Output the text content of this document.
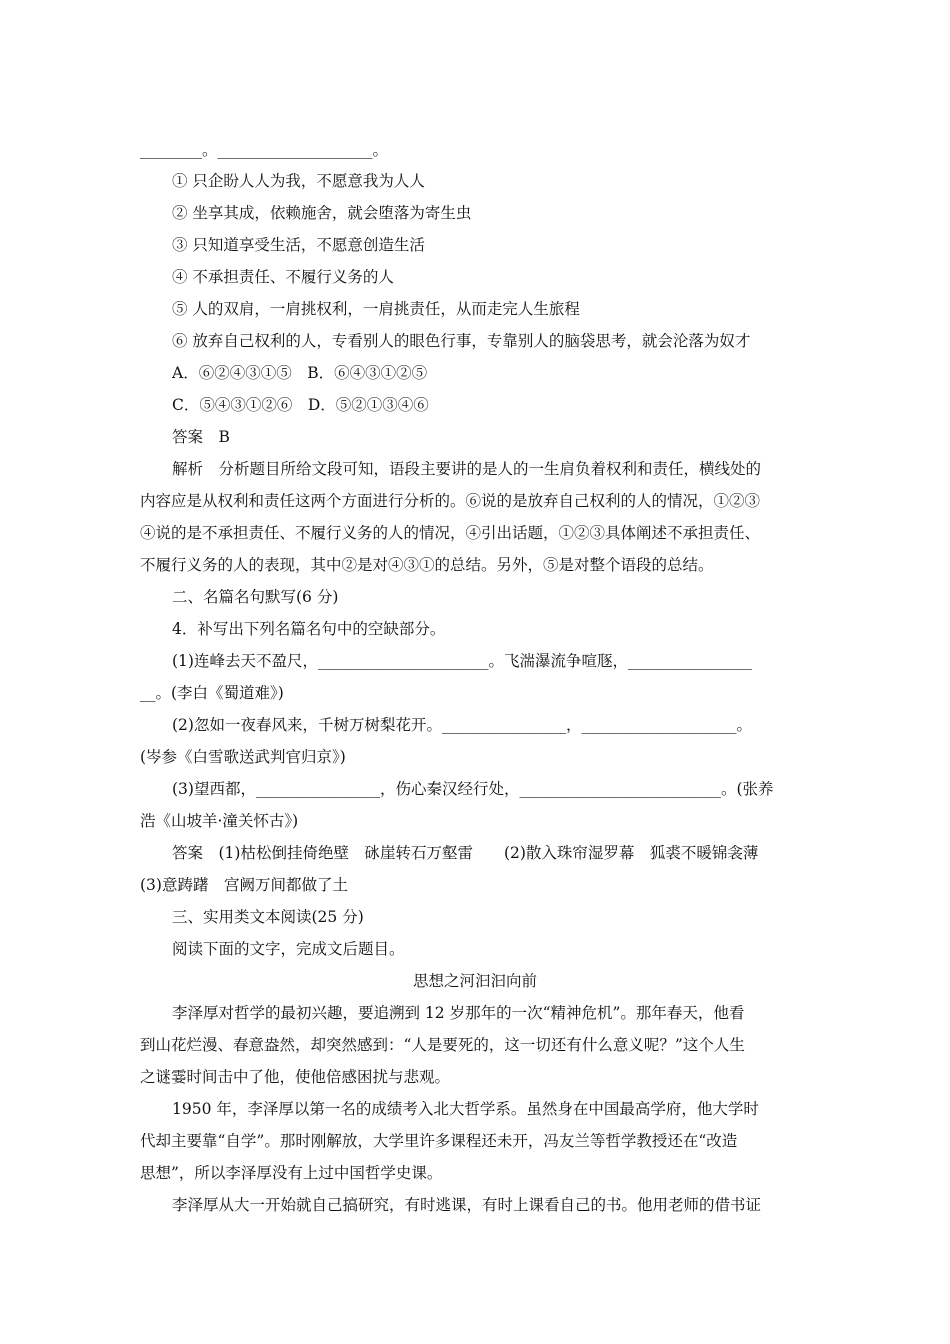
________。____________________。
① 只企盼人人为我，不愿意我为人人
② 坐享其成，依赖施舍，就会堕落为寄生虫
③ 只知道享受生活，不愿意创造生活
④ 不承担责任、不履行义务的人
⑤ 人的双肩，一肩挑权利，一肩挑责任，从而走完人生旅程
⑥ 放弃自己权利的人，专看别人的眼色行事，专靠别人的脑袋思考，就会沦落为奴才
A．⑥②④③①⑤　B．⑥④③①②⑤
C．⑤④③①②⑥　D．⑤②①③④⑥
答案　B
解析　分析题目所给文段可知，语段主要讲的是人的一生肩负着权利和责任，横线处的
内容应是从权利和责任这两个方面进行分析的。⑥说的是放弃自己权利的人的情况，①②③
④说的是不承担责任、不履行义务的人的情况，④引出话题，①②③具体阐述不承担责任、
不履行义务的人的表现，其中②是对④③①的总结。另外，⑤是对整个语段的总结。
二、名篇名句默写(6 分)
4．补写出下列名篇名句中的空缺部分。
(1)连峰去天不盈尺，______________________。飞湍瀑流争喧豗，________________
__。(李白《蜀道难》)
(2)忽如一夜春风来，千树万树梨花开。________________，____________________。
(岑参《白雪歌送武判官归京》)
(3)望西都，________________，伤心秦汉经行处，__________________________。(张养
浩《山坡羊·潼关怀古》)
答案　(1)枯松倒挂倚绝壁　砯崖转石万壑雷　　(2)散入珠帘湿罗幕　狐裘不暖锦衾薄
(3)意踌躇　宫阙万间都做了土
三、实用类文本阅读(25 分)
阅读下面的文字，完成文后题目。
思想之河汩汩向前
李泽厚对哲学的最初兴趣，要追溯到 12 岁那年的一次“精神危机”。那年春天，他看
到山花烂漫、春意盎然，却突然感到：“人是要死的，这一切还有什么意义呢？”这个人生
之谜霎时间击中了他，使他倍感困扰与悲观。
1950 年，李泽厚以第一名的成绩考入北大哲学系。虽然身在中国最高学府，他大学时
代却主要靠“自学”。那时刚解放，大学里许多课程还未开，冯友兰等哲学教授还在“改造
思想”，所以李泽厚没有上过中国哲学史课。
李泽厚从大一开始就自己搞研究，有时逃课，有时上课看自己的书。他用老师的借书证
